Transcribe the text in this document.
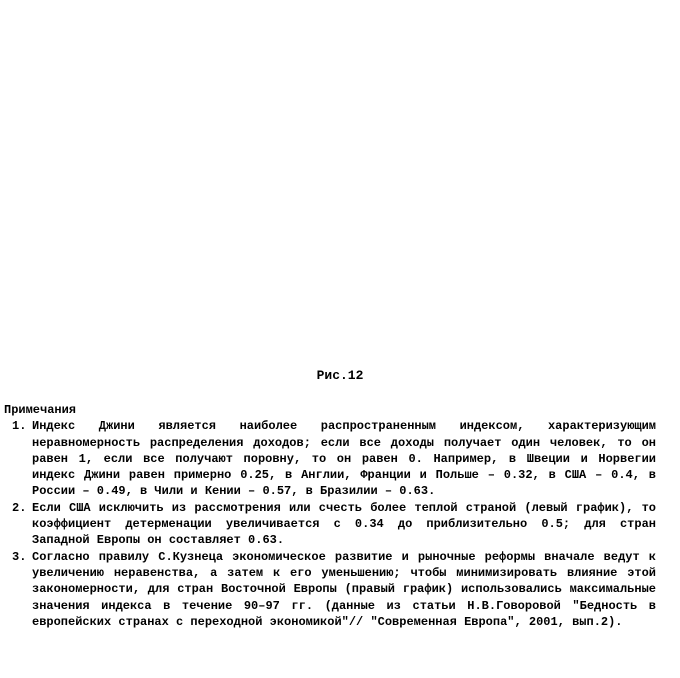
Рис.12

Примечания

1. Индекс Джини является наиболее распространенным индексом, характеризующим неравномерность распределения доходов; если все доходы получает один человек, то он равен 1, если все получают поровну, то он равен 0. Например, в Швеции и Норвегии индекс Джини равен примерно 0.25, в Англии, Франции и Польше – 0.32, в США – 0.4, в России – 0.49, в Чили и Кении – 0.57, в Бразилии – 0.63.
2. Если США исключить из рассмотрения или счесть более теплой страной (левый график), то коэффициент детерменации увеличивается с 0.34 до приблизительно 0.5; для стран Западной Европы он составляет 0.63.
3. Согласно правилу С.Кузнеца экономическое развитие и рыночные реформы вначале ведут к увеличению неравенства, а затем к его уменьшению; чтобы минимизировать влияние этой закономерности, для стран Восточной Европы (правый график) использовались максимальные значения индекса в течение 90–97 гг. (данные из статьи Н.В.Говоровой "Бедность в европейских странах с переходной экономикой"// "Современная Европа", 2001, вып.2).
